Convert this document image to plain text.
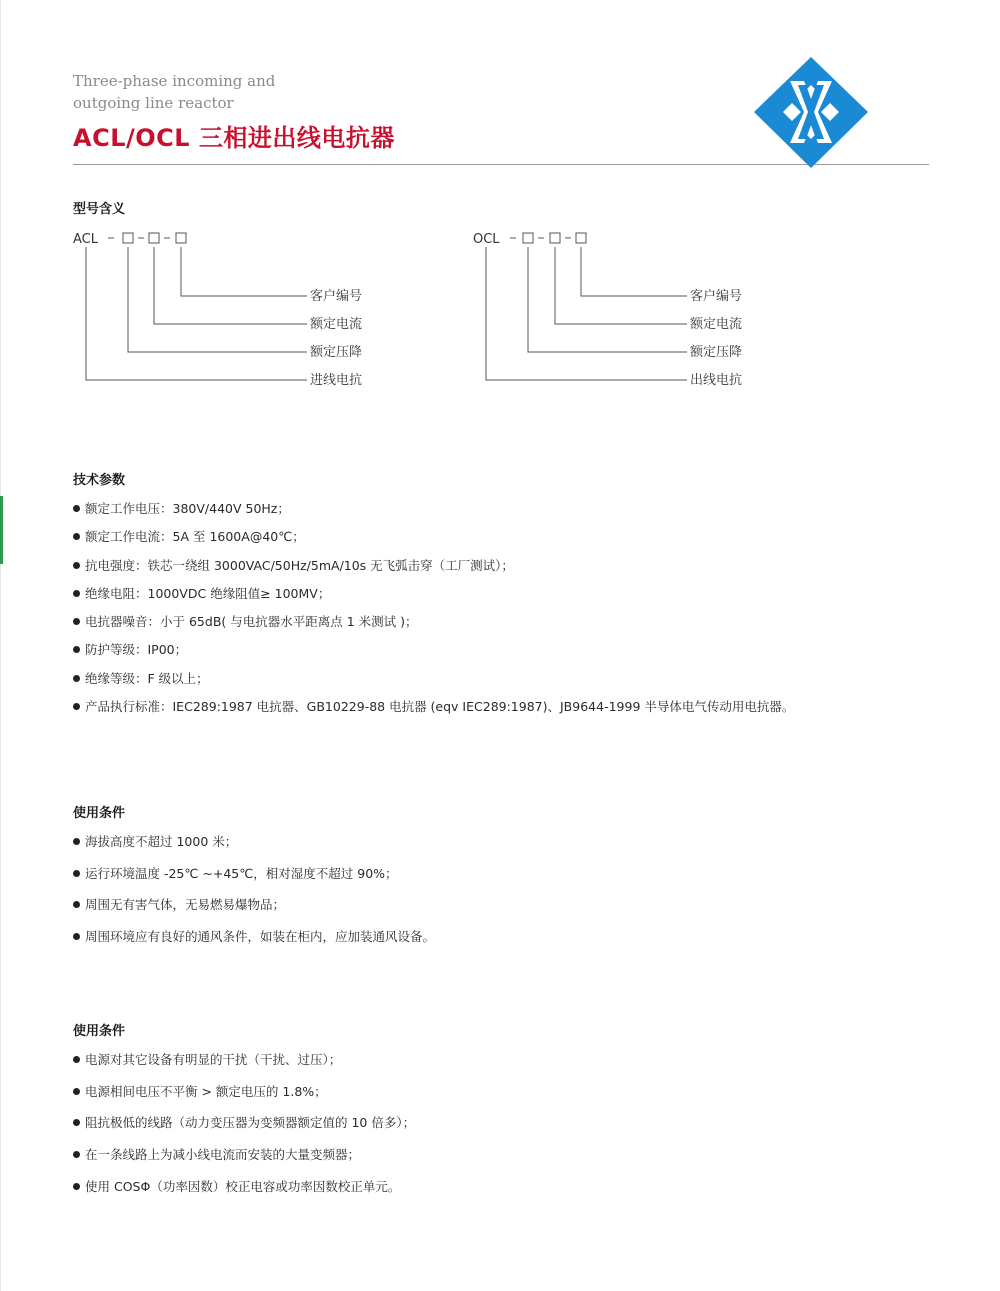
Three-phase incoming and
outgoing line reactor
ACL/OCL 三相进出线电抗器
型号含义
ACL
客户编号
额定电流
额定压降
进线电抗
OCL
客户编号
额定电流
额定压降
出线电抗
技术参数
额定工作电压：380V/440V 50Hz；
额定工作电流：5A 至 1600A@40℃；
抗电强度：铁芯一绕组 3000VAC/50Hz/5mA/10s 无飞弧击穿（工厂测试）；
绝缘电阻：1000VDC 绝缘阻值≥ 100MV；
电抗器噪音：小于 65dB( 与电抗器水平距离点 1 米测试 )；
防护等级：IP00；
绝缘等级：F 级以上；
产品执行标准：IEC289:1987 电抗器、GB10229-88 电抗器 (eqv IEC289:1987)、JB9644-1999 半导体电气传动用电抗器。
使用条件
海拔高度不超过 1000 米；
运行环境温度 -25℃ ~+45℃，相对湿度不超过 90%；
周围无有害气体，无易燃易爆物品；
周围环境应有良好的通风条件，如装在柜内，应加装通风设备。
使用条件
电源对其它设备有明显的干扰（干扰、过压）；
电源相间电压不平衡 > 额定电压的 1.8%；
阻抗极低的线路（动力变压器为变频器额定值的 10 倍多）；
在一条线路上为减小线电流而安装的大量变频器；
使用 COSΦ（功率因数）校正电容或功率因数校正单元。
